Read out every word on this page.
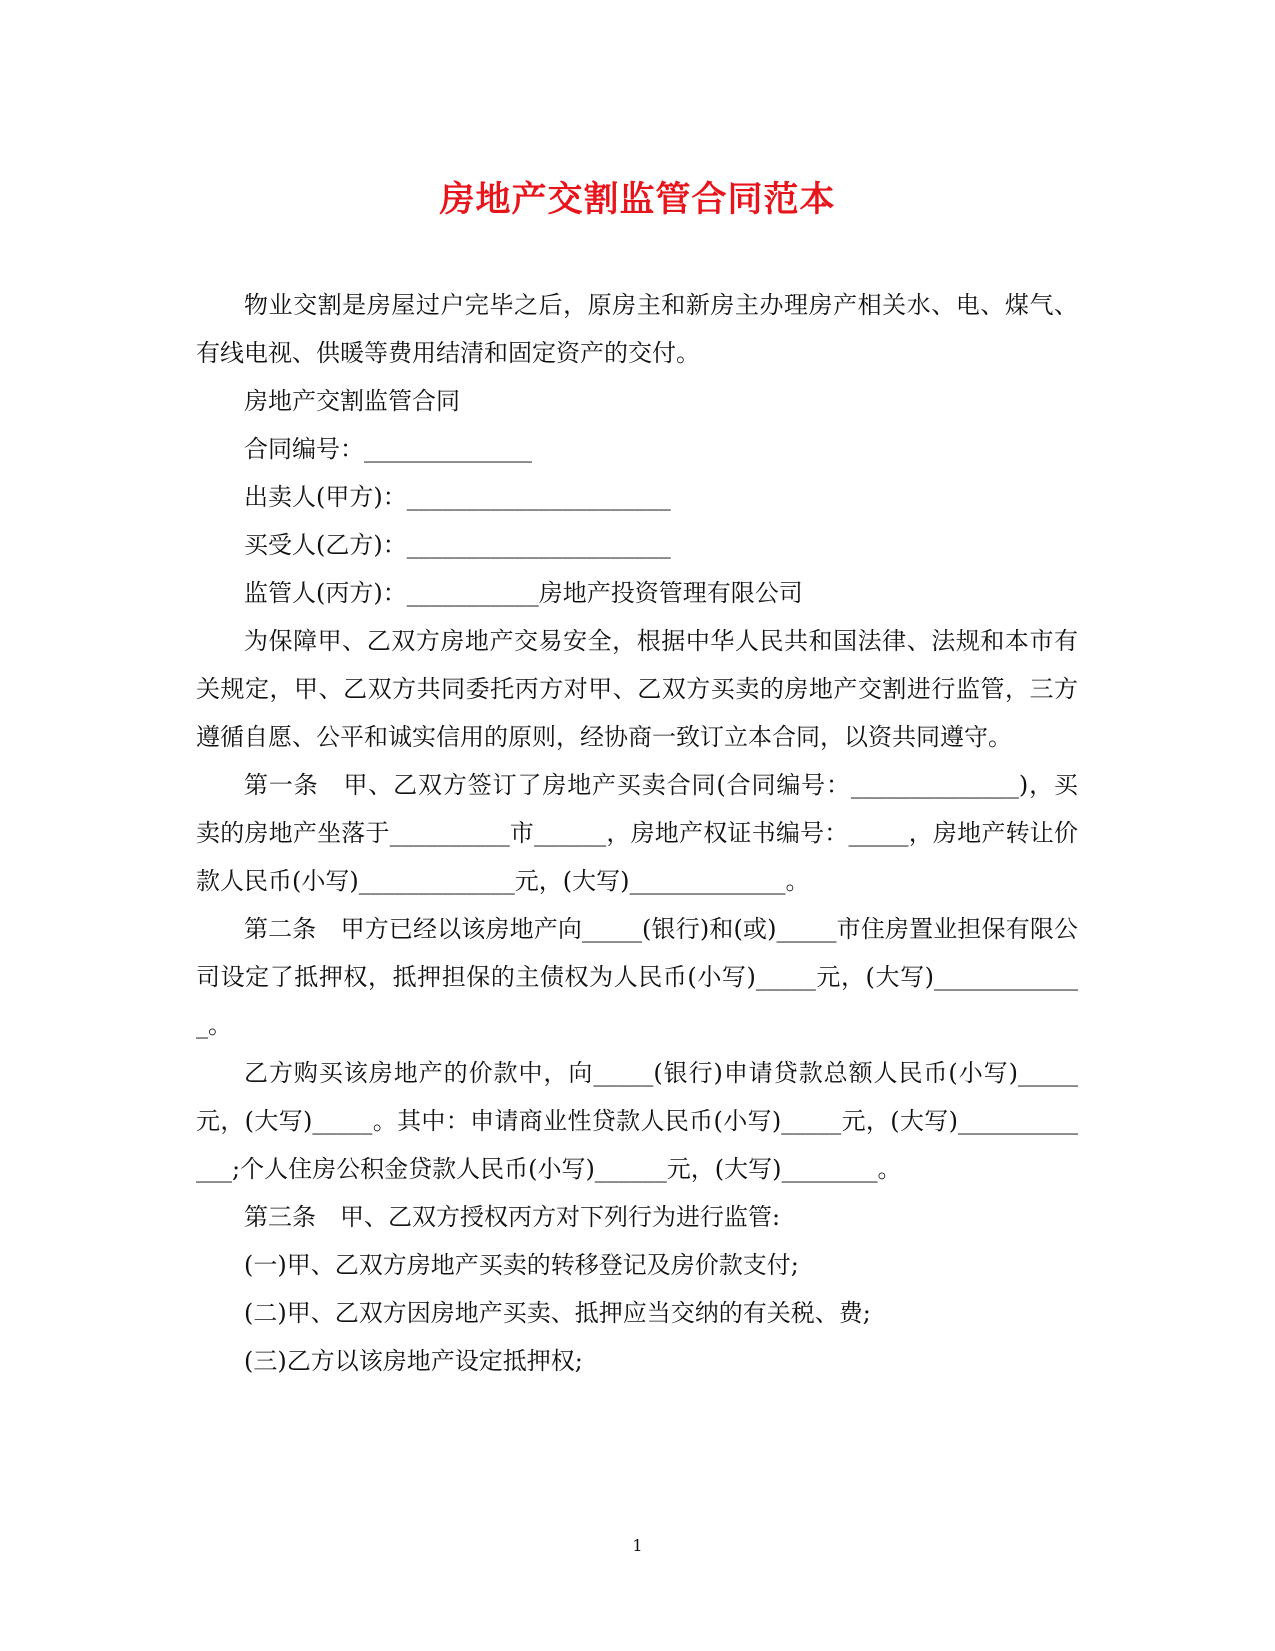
房地产交割监管合同范本

物业交割是房屋过户完毕之后，原房主和新房主办理房产相关水、电、煤气、有线电视、供暖等费用结清和固定资产的交付。

房地产交割监管合同

合同编号：______________

出卖人(甲方)：______________________

买受人(乙方)：______________________

监管人(丙方)：___________房地产投资管理有限公司

为保障甲、乙双方房地产交易安全，根据中华人民共和国法律、法规和本市有关规定，甲、乙双方共同委托丙方对甲、乙双方买卖的房地产交割进行监管，三方遵循自愿、公平和诚实信用的原则，经协商一致订立本合同，以资共同遵守。

第一条　甲、乙双方签订了房地产买卖合同(合同编号：______________)，买卖的房地产坐落于__________市______，房地产权证书编号：_____，房地产转让价款人民币(小写)_____________元，(大写)_____________。

第二条　甲方已经以该房地产向_____(银行)和(或)_____市住房置业担保有限公司设定了抵押权，抵押担保的主债权为人民币(小写)_____元，(大写)_____________。

乙方购买该房地产的价款中，向_____(银行)申请贷款总额人民币(小写)_____元，(大写)_____。其中：申请商业性贷款人民币(小写)_____元，(大写)_____________;个人住房公积金贷款人民币(小写)______元，(大写)________。

第三条　甲、乙双方授权丙方对下列行为进行监管:

(一)甲、乙双方房地产买卖的转移登记及房价款支付;

(二)甲、乙双方因房地产买卖、抵押应当交纳的有关税、费;

(三)乙方以该房地产设定抵押权;

1
